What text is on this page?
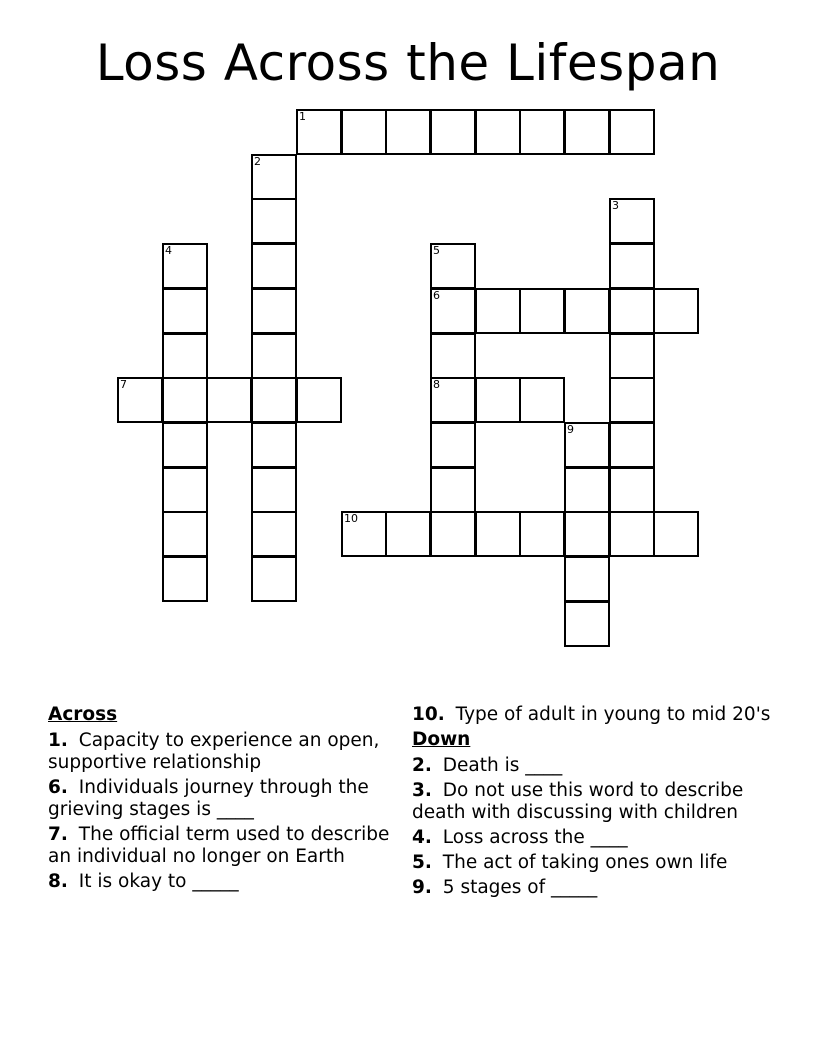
Loss Across the Lifespan
1
2
3
4	5
6
8
7
9
10
Across
1. Capacity to experience an open, supportive relationship
6. Individuals journey through the grieving stages is ____
7. The official term used to describe an individual no longer on Earth
8. It is okay to _____
10. Type of adult in young to mid 20's
Down
2. Death is ____
3. Do not use this word to describe death with discussing with children
4. Loss across the ____
5. The act of taking ones own life
9. 5 stages of _____
